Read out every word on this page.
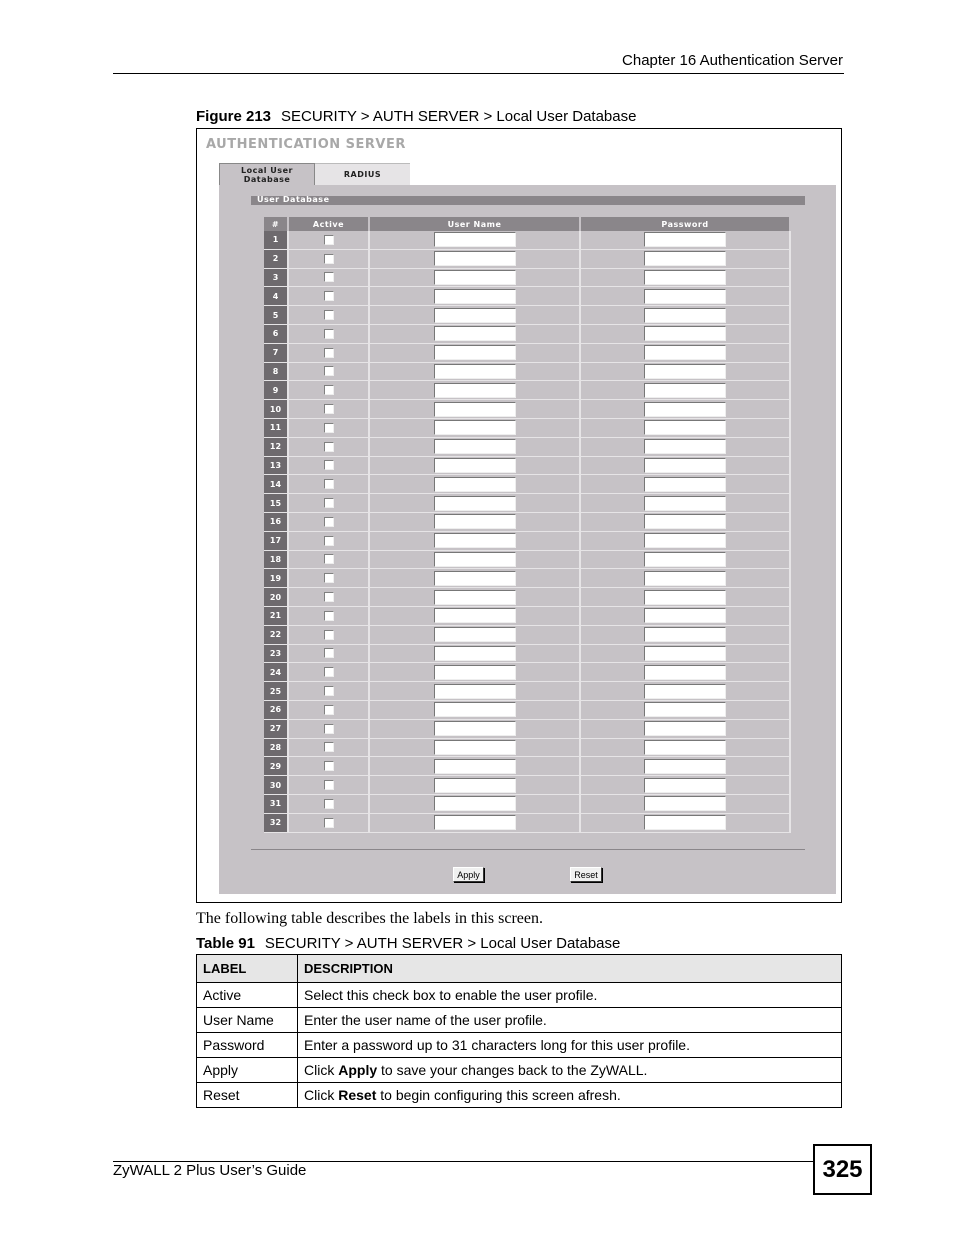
Chapter 16 Authentication Server
Figure 213 SECURITY > AUTH SERVER > Local User Database
AUTHENTICATION SERVER
Local User Database	RADIUS
User Database
#	Active	User Name	Password
1
2
3
4
5
6
7
8
9
10
11
12
13
14
15
16
17
18
19
20
21
22
23
24
25
26
27
28
29
30
31
32
Apply	Reset
The following table describes the labels in this screen.
Table 91 SECURITY > AUTH SERVER > Local User Database
LABEL	DESCRIPTION
Active	Select this check box to enable the user profile.
User Name	Enter the user name of the user profile.
Password	Enter a password up to 31 characters long for this user profile.
Apply	Click Apply to save your changes back to the ZyWALL.
Reset	Click Reset to begin configuring this screen afresh.
ZyWALL 2 Plus User’s Guide	325
